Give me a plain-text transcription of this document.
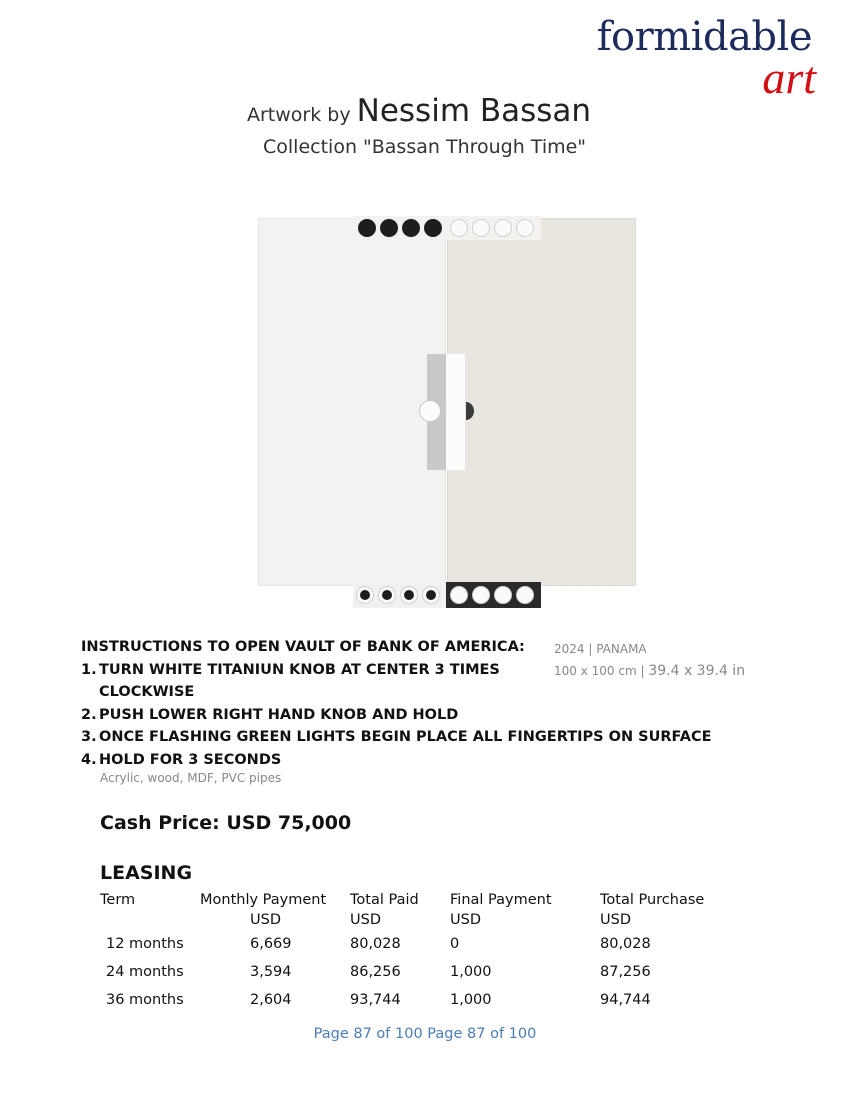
formidable
art
Artwork by Nessim Bassan
Collection "Bassan Through Time"
INSTRUCTIONS TO OPEN VAULT OF BANK OF AMERICA:
1. TURN WHITE TITANIUN KNOB AT CENTER 3 TIMES
CLOCKWISE
2. PUSH LOWER RIGHT HAND KNOB AND HOLD
3. ONCE FLASHING GREEN LIGHTS BEGIN PLACE ALL FINGERTIPS ON SURFACE
4. HOLD FOR 3 SECONDS
Acrylic, wood, MDF, PVC pipes
2024 | PANAMA
100 x 100 cm | 39.4 x 39.4 in
Cash Price: USD 75,000
LEASING
Term	Monthly Payment	Total Paid	Final Payment	Total Purchase
	USD	USD	USD	USD
12 months	6,669	80,028	0	80,028
24 months	3,594	86,256	1,000	87,256
36 months	2,604	93,744	1,000	94,744
Page 87 of 100 Page 87 of 100
